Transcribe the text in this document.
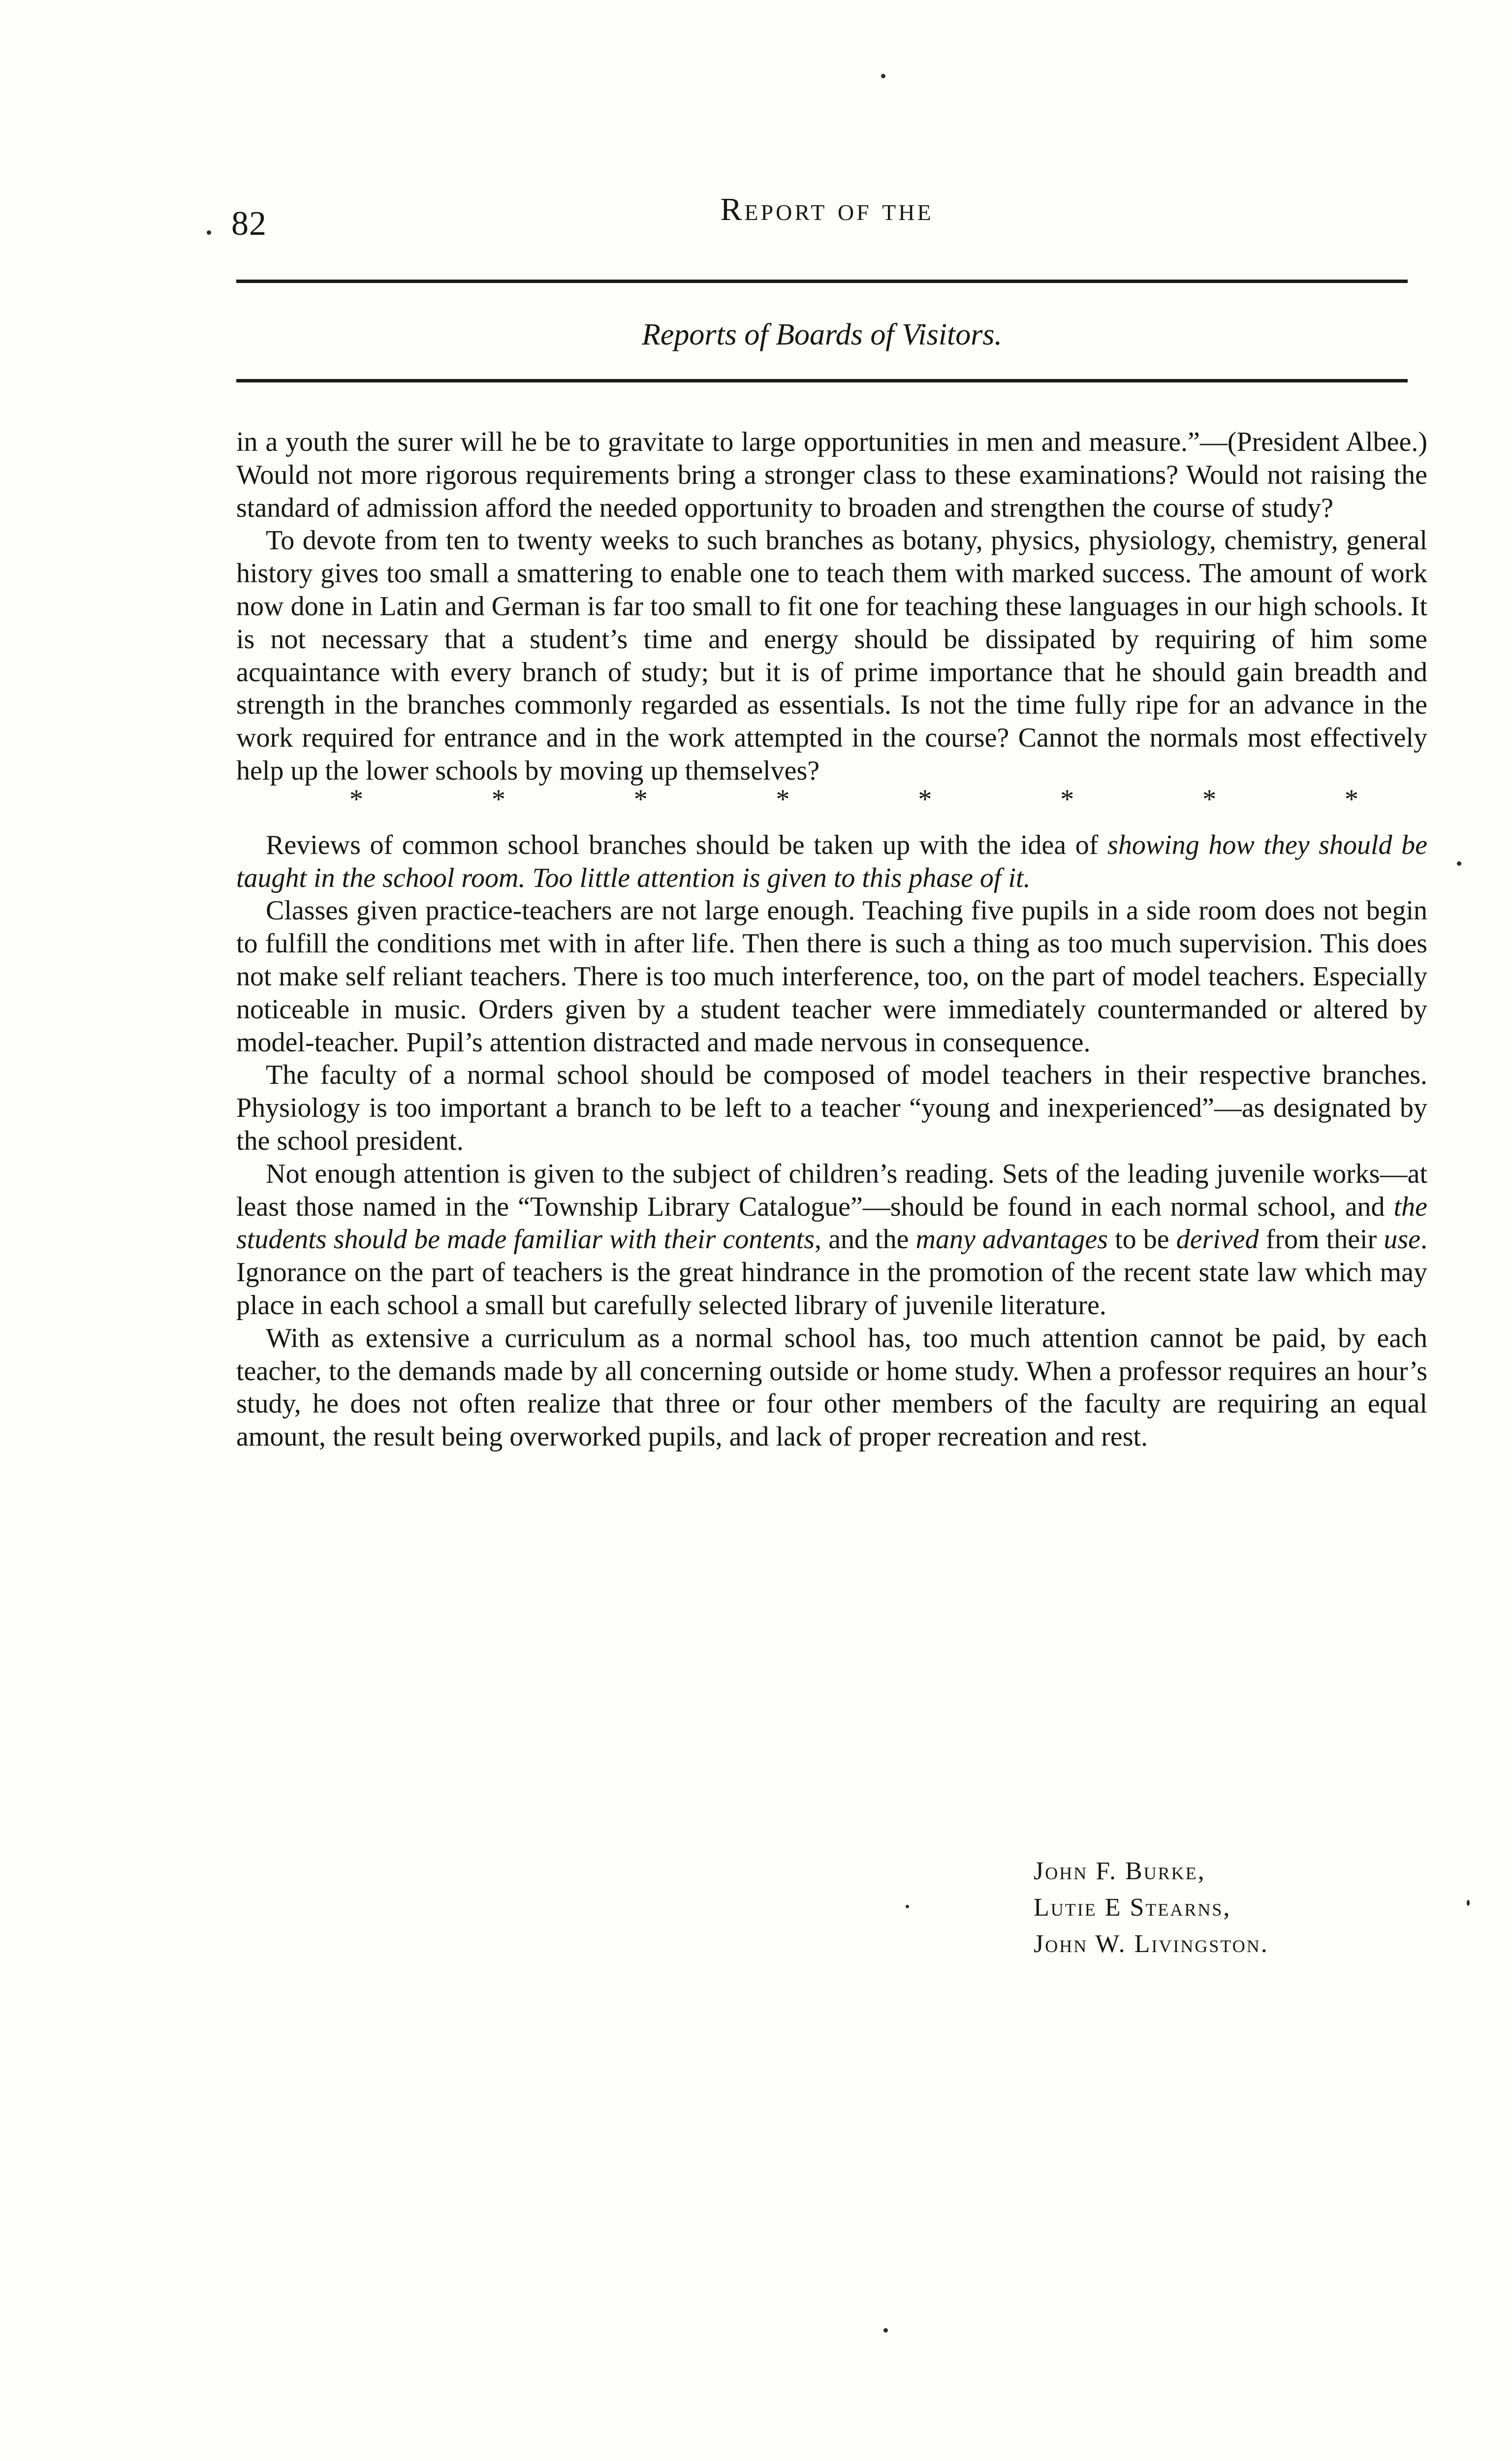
82	Report of the
Reports of Boards of Visitors.

in a youth the surer will he be to gravitate to large opportunities in men and measure.”—(President Albee.) Would not more rigorous requirements bring a stronger class to these examinations? Would not raising the standard of admission afford the needed opportunity to broaden and strengthen the course of study?

To devote from ten to twenty weeks to such branches as botany, physics, physiology, chemistry, general history gives too small a smattering to enable one to teach them with marked success. The amount of work now done in Latin and German is far too small to fit one for teaching these languages in our high schools. It is not necessary that a student’s time and energy should be dissipated by requiring of him some acquaintance with every branch of study; but it is of prime importance that he should gain breadth and strength in the branches commonly regarded as essentials. Is not the time fully ripe for an advance in the work required for entrance and in the work attempted in the course? Cannot the normals most effectively help up the lower schools by moving up themselves?

*	*	*	*	*	*	*	*

Reviews of common school branches should be taken up with the idea of showing how they should be taught in the school room. Too little attention is given to this phase of it.

Classes given practice-teachers are not large enough. Teaching five pupils in a side room does not begin to fulfill the conditions met with in after life. Then there is such a thing as too much supervision. This does not make self reliant teachers. There is too much interference, too, on the part of model teachers. Especially noticeable in music. Orders given by a student teacher were immediately countermanded or altered by model-teacher. Pupil’s attention distracted and made nervous in consequence.

The faculty of a normal school should be composed of model teachers in their respective branches. Physiology is too important a branch to be left to a teacher “young and inexperienced”—as designated by the school president.

Not enough attention is given to the subject of children’s reading. Sets of the leading juvenile works—at least those named in the “Township Library Catalogue”—should be found in each normal school, and the students should be made familiar with their contents, and the many advantages to be derived from their use. Ignorance on the part of teachers is the great hindrance in the promotion of the recent state law which may place in each school a small but carefully selected library of juvenile literature.

With as extensive a curriculum as a normal school has, too much attention cannot be paid, by each teacher, to the demands made by all concerning outside or home study. When a professor requires an hour’s study, he does not often realize that three or four other members of the faculty are requiring an equal amount, the result being overworked pupils, and lack of proper recreation and rest.

John F. Burke,
Lutie E Stearns,
John W. Livingston.
